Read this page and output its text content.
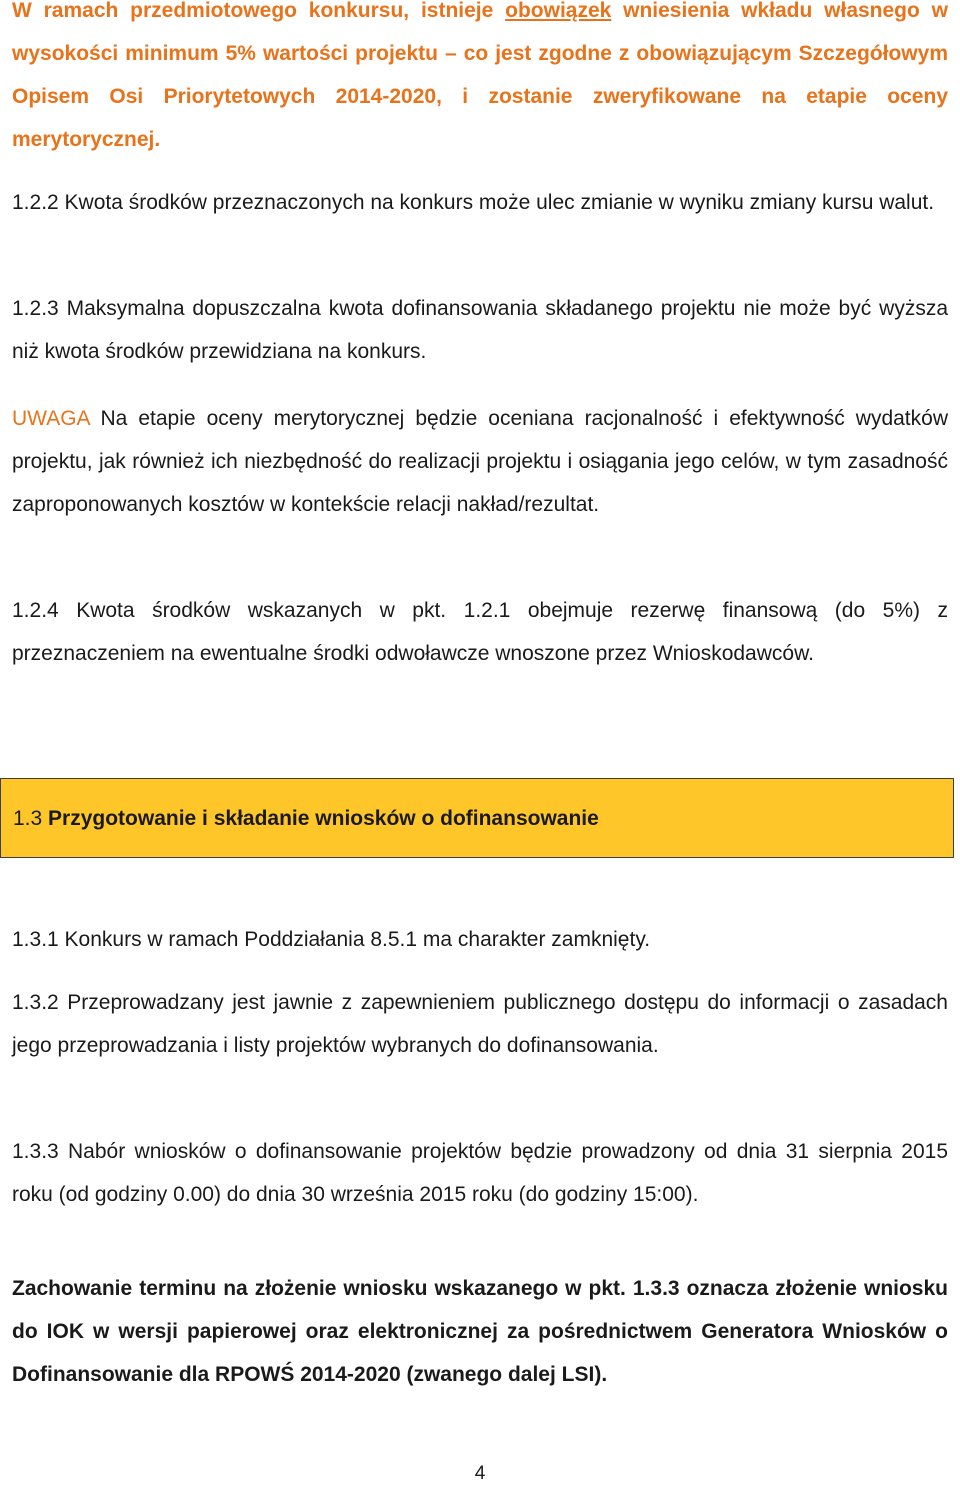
W ramach przedmiotowego konkursu, istnieje obowiązek wniesienia wkładu własnego w wysokości minimum 5% wartości projektu – co jest zgodne z obowiązującym Szczegółowym Opisem Osi Priorytetowych 2014-2020, i zostanie zweryfikowane na etapie oceny merytorycznej.

1.2.2 Kwota środków przeznaczonych na konkurs może ulec zmianie w wyniku zmiany kursu walut.

1.2.3 Maksymalna dopuszczalna kwota dofinansowania składanego projektu nie może być wyższa niż kwota środków przewidziana na konkurs.

UWAGA Na etapie oceny merytorycznej będzie oceniana racjonalność i efektywność wydatków projektu, jak również ich niezbędność do realizacji projektu i osiągania jego celów, w tym zasadność zaproponowanych kosztów w kontekście relacji nakład/rezultat.

1.2.4 Kwota środków wskazanych w pkt. 1.2.1 obejmuje rezerwę finansową (do 5%) z przeznaczeniem na ewentualne środki odwoławcze wnoszone przez Wnioskodawców.

1.3 Przygotowanie i składanie wniosków o dofinansowanie

1.3.1 Konkurs w ramach Poddziałania 8.5.1 ma charakter zamknięty.

1.3.2 Przeprowadzany jest jawnie z zapewnieniem publicznego dostępu do informacji o zasadach jego przeprowadzania i listy projektów wybranych do dofinansowania.

1.3.3 Nabór wniosków o dofinansowanie projektów będzie prowadzony od dnia 31 sierpnia 2015 roku (od godziny 0.00) do dnia 30 września 2015 roku (do godziny 15:00).

Zachowanie terminu na złożenie wniosku wskazanego w pkt. 1.3.3 oznacza złożenie wniosku do IOK w wersji papierowej oraz elektronicznej za pośrednictwem Generatora Wniosków o Dofinansowanie dla RPOWŚ 2014-2020 (zwanego dalej LSI).

4
